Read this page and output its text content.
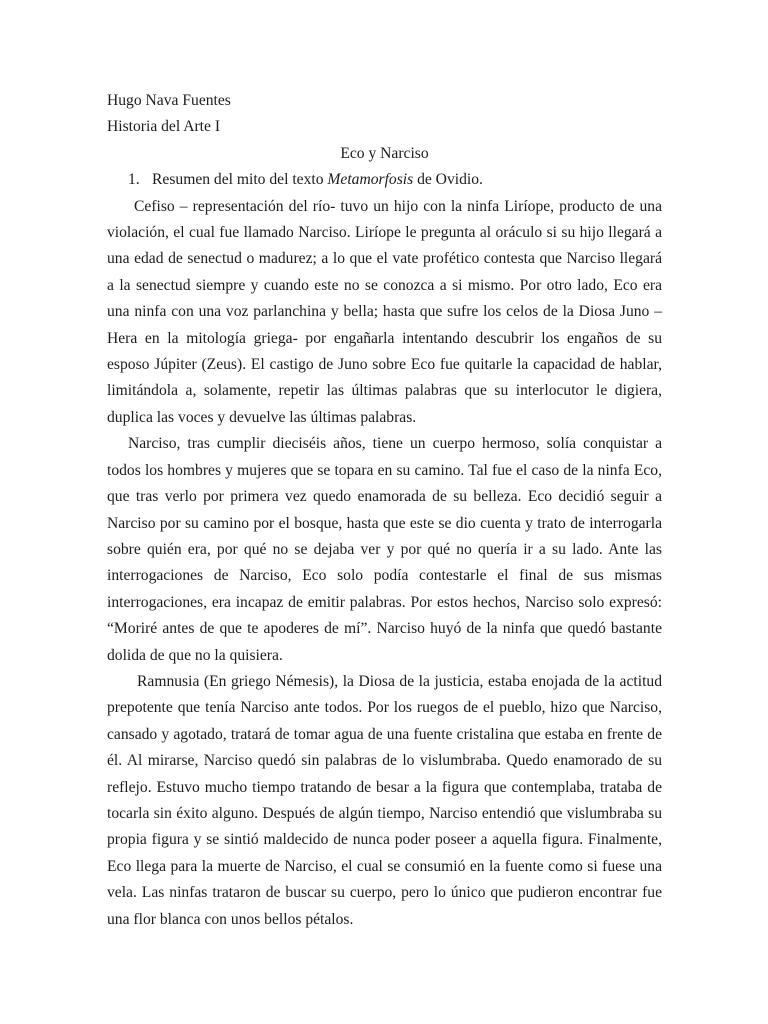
Hugo Nava Fuentes

Historia del Arte I

Eco y Narciso

1. Resumen del mito del texto Metamorfosis de Ovidio.

Cefiso – representación del río- tuvo un hijo con la ninfa Liríope, producto de una violación, el cual fue llamado Narciso. Liríope le pregunta al oráculo si su hijo llegará a una edad de senectud o madurez; a lo que el vate profético contesta que Narciso llegará a la senectud siempre y cuando este no se conozca a si mismo. Por otro lado, Eco era una ninfa con una voz parlanchina y bella; hasta que sufre los celos de la Diosa Juno – Hera en la mitología griega- por engañarla intentando descubrir los engaños de su esposo Júpiter (Zeus). El castigo de Juno sobre Eco fue quitarle la capacidad de hablar, limitándola a, solamente, repetir las últimas palabras que su interlocutor le digiera, duplica las voces y devuelve las últimas palabras.

Narciso, tras cumplir dieciséis años, tiene un cuerpo hermoso, solía conquistar a todos los hombres y mujeres que se topara en su camino. Tal fue el caso de la ninfa Eco, que tras verlo por primera vez quedo enamorada de su belleza. Eco decidió seguir a Narciso por su camino por el bosque, hasta que este se dio cuenta y trato de interrogarla sobre quién era, por qué no se dejaba ver y por qué no quería ir a su lado. Ante las interrogaciones de Narciso, Eco solo podía contestarle el final de sus mismas interrogaciones, era incapaz de emitir palabras. Por estos hechos, Narciso solo expresó: “Moriré antes de que te apoderes de mí”. Narciso huyó de la ninfa que quedó bastante dolida de que no la quisiera.

Ramnusia (En griego Némesis), la Diosa de la justicia, estaba enojada de la actitud prepotente que tenía Narciso ante todos. Por los ruegos de el pueblo, hizo que Narciso, cansado y agotado, tratará de tomar agua de una fuente cristalina que estaba en frente de él. Al mirarse, Narciso quedó sin palabras de lo vislumbraba. Quedo enamorado de su reflejo. Estuvo mucho tiempo tratando de besar a la figura que contemplaba, trataba de tocarla sin éxito alguno. Después de algún tiempo, Narciso entendió que vislumbraba su propia figura y se sintió maldecido de nunca poder poseer a aquella figura. Finalmente, Eco llega para la muerte de Narciso, el cual se consumió en la fuente como si fuese una vela. Las ninfas trataron de buscar su cuerpo, pero lo único que pudieron encontrar fue una flor blanca con unos bellos pétalos.
